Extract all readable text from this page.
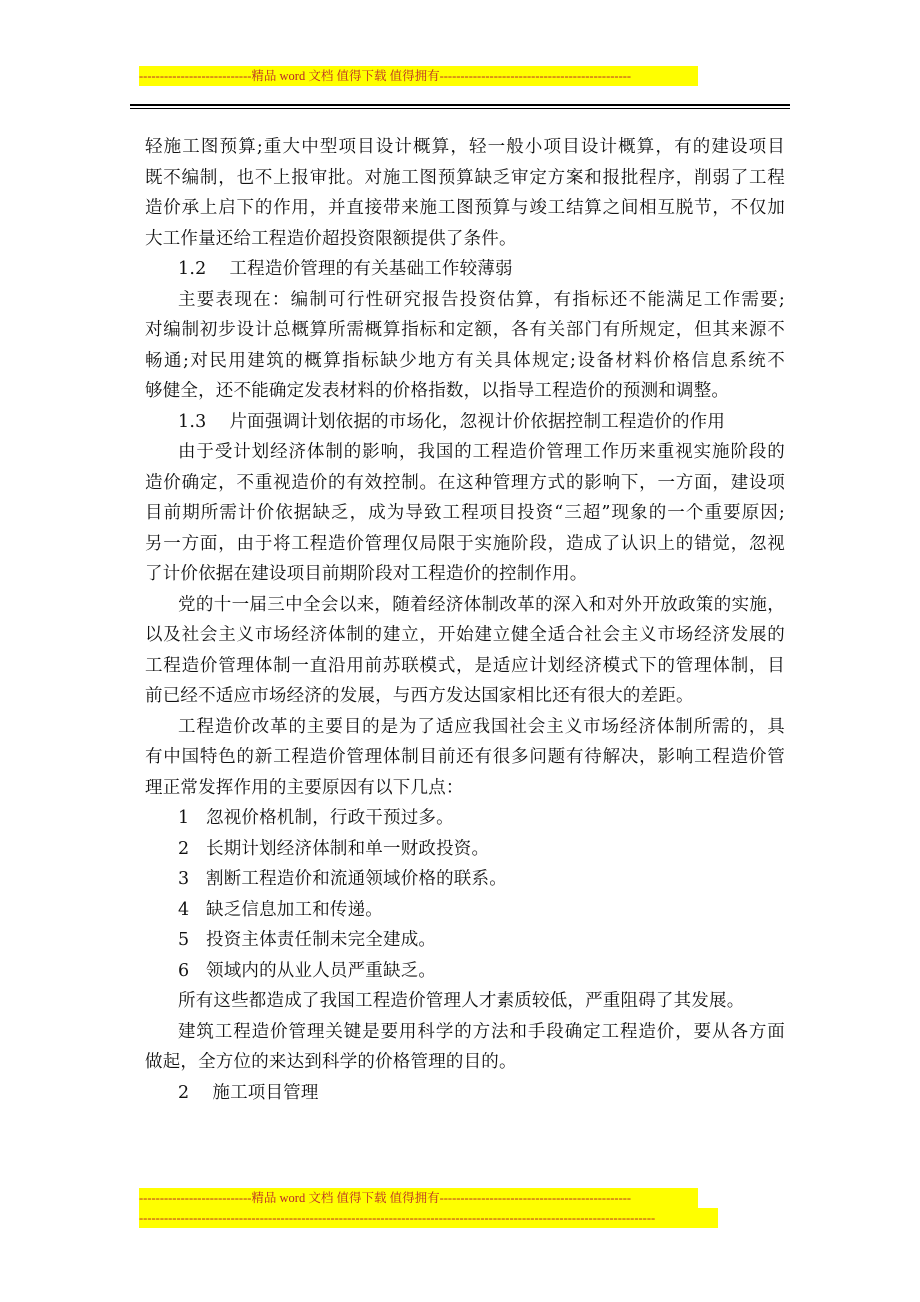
---------------------------精品 word 文档 值得下载 值得拥有----------------------------------------------
轻施工图预算;重大中型项目设计概算，轻一般小项目设计概算，有的建设项目
既不编制，也不上报审批。对施工图预算缺乏审定方案和报批程序，削弱了工程
造价承上启下的作用，并直接带来施工图预算与竣工结算之间相互脱节，不仅加
大工作量还给工程造价超投资限额提供了条件。
1.2    工程造价管理的有关基础工作较薄弱
主要表现在：编制可行性研究报告投资估算，有指标还不能满足工作需要;
对编制初步设计总概算所需概算指标和定额，各有关部门有所规定，但其来源不
畅通;对民用建筑的概算指标缺少地方有关具体规定;设备材料价格信息系统不
够健全，还不能确定发表材料的价格指数，以指导工程造价的预测和调整。
1.3    片面强调计划依据的市场化，忽视计价依据控制工程造价的作用
由于受计划经济体制的影响，我国的工程造价管理工作历来重视实施阶段的
造价确定，不重视造价的有效控制。在这种管理方式的影响下，一方面，建设项
目前期所需计价依据缺乏，成为导致工程项目投资“三超”现象的一个重要原因;
另一方面，由于将工程造价管理仅局限于实施阶段，造成了认识上的错觉，忽视
了计价依据在建设项目前期阶段对工程造价的控制作用。
党的十一届三中全会以来，随着经济体制改革的深入和对外开放政策的实施，
以及社会主义市场经济体制的建立，开始建立健全适合社会主义市场经济发展的
工程造价管理体制一直沿用前苏联模式，是适应计划经济模式下的管理体制，目
前已经不适应市场经济的发展，与西方发达国家相比还有很大的差距。
工程造价改革的主要目的是为了适应我国社会主义市场经济体制所需的，具
有中国特色的新工程造价管理体制目前还有很多问题有待解决，影响工程造价管
理正常发挥作用的主要原因有以下几点：
1 忽视价格机制，行政干预过多。
2 长期计划经济体制和单一财政投资。
3 割断工程造价和流通领域价格的联系。
4 缺乏信息加工和传递。
5 投资主体责任制未完全建成。
6 领域内的从业人员严重缺乏。
所有这些都造成了我国工程造价管理人才素质较低，严重阻碍了其发展。
建筑工程造价管理关键是要用科学的方法和手段确定工程造价，要从各方面
做起，全方位的来达到科学的价格管理的目的。
2    施工项目管理
---------------------------精品 word 文档 值得下载 值得拥有----------------------------------------------
----------------------------------------------------------------------------------------------------------------------------
